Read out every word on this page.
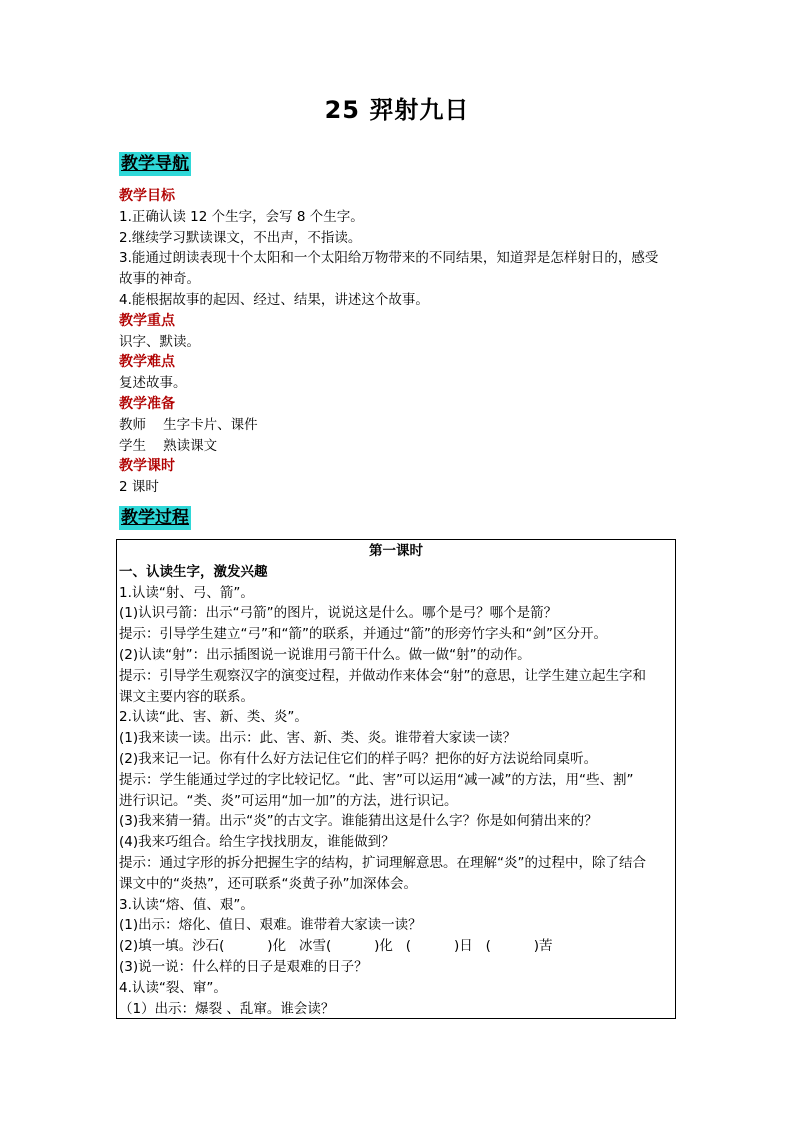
25 羿射九日
教学导航
教学目标
1.正确认读 12 个生字，会写 8 个生字。
2.继续学习默读课文，不出声，不指读。
3.能通过朗读表现十个太阳和一个太阳给万物带来的不同结果，知道羿是怎样射日的，感受
故事的神奇。
4.能根据故事的起因、经过、结果，讲述这个故事。
教学重点
识字、默读。
教学难点
复述故事。
教学准备
教师    生字卡片、课件
学生    熟读课文
教学课时
2 课时
教学过程
第一课时
一、认读生字，激发兴趣
1.认读“射、弓、箭”。
(1)认识弓箭：出示“弓箭”的图片，说说这是什么。哪个是弓？哪个是箭？
提示：引导学生建立“弓”和“箭”的联系，并通过“箭”的形旁竹字头和“剑”区分开。
(2)认读“射”：出示插图说一说谁用弓箭干什么。做一做“射”的动作。
提示：引导学生观察汉字的演变过程，并做动作来体会“射”的意思，让学生建立起生字和
课文主要内容的联系。
2.认读“此、害、新、类、炎”。
(1)我来读一读。出示：此、害、新、类、炎。谁带着大家读一读？
(2)我来记一记。你有什么好方法记住它们的样子吗？把你的好方法说给同桌听。
提示：学生能通过学过的字比较记忆。“此、害”可以运用“减一减”的方法，用“些、割”
进行识记。“类、炎”可运用“加一加”的方法，进行识记。
(3)我来猜一猜。出示“炎”的古文字。谁能猜出这是什么字？你是如何猜出来的？
(4)我来巧组合。给生字找找朋友，谁能做到？
提示：通过字形的拆分把握生字的结构，扩词理解意思。在理解“炎”的过程中，除了结合
课文中的“炎热”，还可联系“炎黄子孙”加深体会。
3.认读“熔、值、艰”。
(1)出示：熔化、值日、艰难。谁带着大家读一读？
(2)填一填。沙石(          )化   冰雪(          )化   (          )日   (          )苦
(3)说一说：什么样的日子是艰难的日子？
4.认读“裂、窜”。
（1）出示：爆裂 、乱窜。谁会读？
